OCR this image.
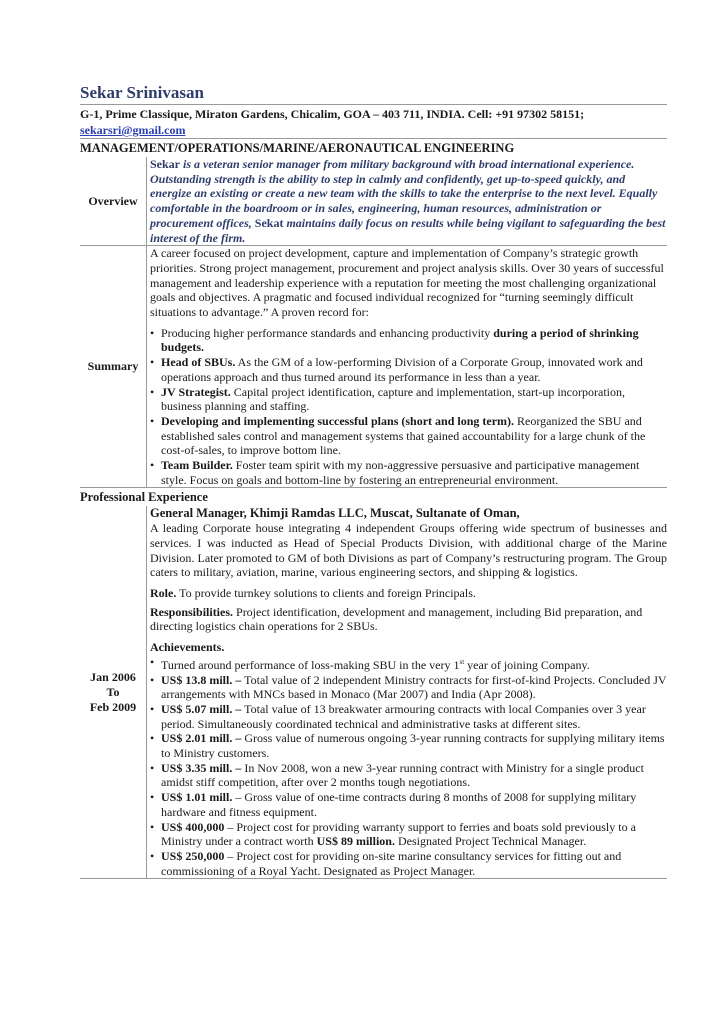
Sekar Srinivasan
G-1, Prime Classique, Miraton Gardens, Chicalim, GOA – 403 711, INDIA. Cell: +91 97302 58151;
sekarsri@gmail.com
MANAGEMENT/OPERATIONS/MARINE/AERONAUTICAL ENGINEERING
Overview
Sekar is a veteran senior manager from military background with broad international experience. Outstanding strength is the ability to step in calmly and confidently, get up-to-speed quickly, and energize an existing or create a new team with the skills to take the enterprise to the next level. Equally comfortable in the boardroom or in sales, engineering, human resources, administration or procurement offices, Sekat maintains daily focus on results while being vigilant to safeguarding the best interest of the firm.
Summary

A career focused on project development, capture and implementation of Company’s strategic growth priorities. Strong project management, procurement and project analysis skills. Over 30 years of successful management and leadership experience with a reputation for meeting the most challenging organizational goals and objectives. A pragmatic and focused individual recognized for “turning seemingly difficult situations to advantage.” A proven record for:

• Producing higher performance standards and enhancing productivity during a period of shrinking budgets.
• Head of SBUs. As the GM of a low-performing Division of a Corporate Group, innovated work and operations approach and thus turned around its performance in less than a year.
• JV Strategist. Capital project identification, capture and implementation, start-up incorporation, business planning and staffing.
• Developing and implementing successful plans (short and long term). Reorganized the SBU and established sales control and management systems that gained accountability for a large chunk of the cost-of-sales, to improve bottom line.
• Team Builder. Foster team spirit with my non-aggressive persuasive and participative management style. Focus on goals and bottom-line by fostering an entrepreneurial environment.
Professional Experience
Jan 2006
To
Feb 2009

General Manager, Khimji Ramdas LLC, Muscat, Sultanate of Oman,

A leading Corporate house integrating 4 independent Groups offering wide spectrum of businesses and services. I was inducted as Head of Special Products Division, with additional charge of the Marine Division. Later promoted to GM of both Divisions as part of Company’s restructuring program. The Group caters to military, aviation, marine, various engineering sectors, and shipping & logistics.

Role. To provide turnkey solutions to clients and foreign Principals.

Responsibilities. Project identification, development and management, including Bid preparation, and directing logistics chain operations for 2 SBUs.

Achievements.

• Turned around performance of loss-making SBU in the very 1st year of joining Company.
• US$ 13.8 mill. – Total value of 2 independent Ministry contracts for first-of-kind Projects. Concluded JV arrangements with MNCs based in Monaco (Mar 2007) and India (Apr 2008).
• US$ 5.07 mill. – Total value of 13 breakwater armouring contracts with local Companies over 3 year period. Simultaneously coordinated technical and administrative tasks at different sites.
• US$ 2.01 mill. – Gross value of numerous ongoing 3-year running contracts for supplying military items to Ministry customers.
• US$ 3.35 mill. – In Nov 2008, won a new 3-year running contract with Ministry for a single product amidst stiff competition, after over 2 months tough negotiations.
• US$ 1.01 mill. – Gross value of one-time contracts during 8 months of 2008 for supplying military hardware and fitness equipment.
• US$ 400,000 – Project cost for providing warranty support to ferries and boats sold previously to a Ministry under a contract worth US$ 89 million. Designated Project Technical Manager.
• US$ 250,000 – Project cost for providing on-site marine consultancy services for fitting out and commissioning of a Royal Yacht. Designated as Project Manager.
